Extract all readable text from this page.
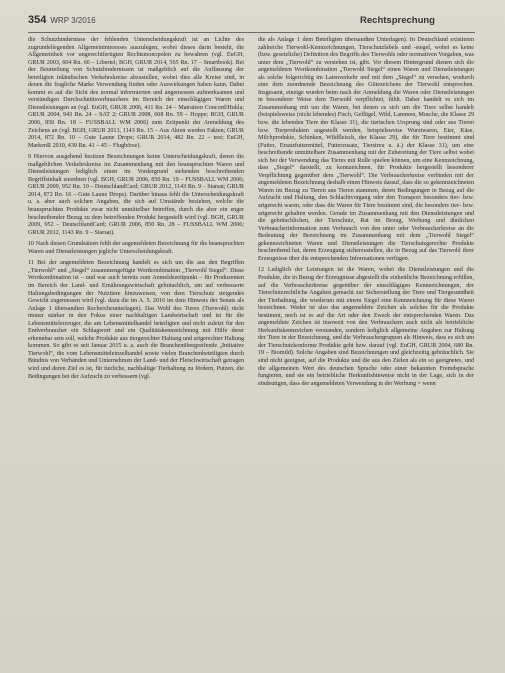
354 WRP 3/2016	Rechtsprechung

die Schutzhindernisse der fehlenden Unterscheidungskraft ist an Lichte des zugrundeliegenden Allgemeininteresses auszulegen, wobei dieses darin besteht, die Allgemeinheit vor ungerechtfertigten Rechtsmonopolen zu bewahren (vgl. EuGH, GRUR 2003, 604 Rn. 60 – Libertel; BGH, GRUR 2014, 565 Rn. 17 – Smartbook). Bei der Beurteilung von Schutzhindernissen ist maßgeblich auf die Auffassung der beteiligten inländischen Verkehrskreise abzustellen, wobei dies alle Kreise sind, in denen die fragliche Marke Verwendung finden oder Auswirkungen haben kann. Dabei kommt es auf die Sicht des normal informierten und angemessen aufmerksamen und verständigen Durchschnittsverbrauchers im Bereich der einschlägigen Waren und Dienstleistungen an (vgl. EuGH, GRUR 2006, 411 Rn. 24 – Matratzen Concord/Hukla; GRUR 2004, 943 Rn. 24 – SAT 2; GRUR 2008, 608 Rn. 59 – Hoppe; BGH, GRUR 2006, 850 Rn. 18 – FUSSBALL WM 2006) zum Zeitpunkt der Anmeldung des Zeichens an (vgl. BGH, GRUR 2013, 1143 Rn. 15 – Aus Akten werden Fakten; GRUR 2014, 872 Rn. 10 – Gute Laune Drops; GRUR 2014, 482 Rn. 22 – test; EuGH, MarkenR 2010, 439 Rn. 41 – 45 – Flugbörse).

9 Hiervon ausgehend besitzen Bezeichnungen keine Unterscheidungskraft, denen die maßgeblichen Verkehrskreise im Zusammenhang mit den beanspruchten Waren und Dienstleistungen lediglich einen im Vordergrund stehenden beschreibenden Begriffsinhalt zuordnen (vgl. BGH, GRUR 2006, 850 Rn. 19 – FUSSBALL WM 2006; GRUR 2009, 952 Rn. 10 – DeutschlandCard; GRUR 2012, 1143 Rn. 9 – Starsat; GRUR 2014, 872 Rn. 16 – Gute Laune Drops). Darüber hinaus fehlt die Unterscheidungskraft u. a. aber auch solchen Angaben, die sich auf Umstände beziehen, welche die beanspruchten Produkte zwar nicht unmittelbar betreffen, durch die aber ein enger beschreibender Bezug zu dem betreffenden Produkt hergestellt wird (vgl. BGH, GRUR 2009, 952 – DeutschlandCard; GRUR 2006, 850 Rn. 28 – FUSSBALL WM 2006; GRUR 2012, 1143 Rn. 9 – Starsat).

10 Nach diesen Grundsätzen fehlt der angemeldeten Bezeichnung für die beanspruchten Waren und Dienstleistungen jegliche Unterscheidungskraft.

11 Bei der angemeldeten Bezeichnung handelt es sich um die aus den Begriffen „Tierwohl“ und „Siegel“ zusammengefügte Wortkombination „Tierwohl Siegel“. Diese Wortkombination ist – und war auch bereits zum Anmeldezeitpunkt – für Produzenten im Bereich der Land- und Ernährungswirtschaft gebräuchlich, um auf verbesserte Haltungsbedingungen der Nutztiere hinzuweisen, von dem Tierschutz steigendes Gewicht zugemessen wird (vgl. dazu die im A. 5. 2016 im dem Hinweis der Senats als Anlage 1 übersandten Rechercheunterlagen). Das Wohl des Tieres (Tierwohl) rückt immer stärker in den Fokus einer nachhaltigen Landwirtschaft und ist für die Lebensmittelerzeuger, die am Lebensmittelhandel beteiligten und nicht zuletzt für den Endverbraucher ein Schlagwort und ein Qualitätskennzeichnung mit Hilfe derer erkennbar sein soll, welche Produkte aus tiergerechter Haltung und artgerechter Haltung kommen. So gibt es seit Januar 2015 u. a. auch die Branchenübergreifende „Initiative Tierwohl“, die vom Lebensmitteleinzelhandel sowie vielen Branchenbeteiligten durch Bündnis von Verbänden und Unternehmen der Land- und der Fleischwirtschaft getragen wird und deren Ziel es ist, für tierliche, nachhaltige Tierhaltung zu fördern, Putzen, die Bedingungen bei der Aufzucht zu verbessern (vgl.

die als Anlage 1 dem Beteiligten übersandten Unterlagen). In Deutschland existieren zahlreiche Tierwohl-Kennzeichnungen, Tierschutzlabels und -siegel, wobei es keine (bzw. gesetzliche) Definition des Begriffs des Tierwohls oder normativen Vorgaben, was unter dem „Tierwohl“ zu verstehen ist, gibt. Vor diesem Hintergrund dienen sich die angemeldeten Wortkombination „Tierwohl Siegel“ einen Waren und Dienstleistungen als solche folgerichtig im Laienverkehr und mit dem „Siegel“ zu versehen, wodurch eine dem zuordnende Bezeichnung des Gütezeichens der Tierwohl entsprechen. Insgesamt, einzige wurden beim nach der Anmeldung die Waren oder Dienstleistungen in besonderer Weise dem Tierwohl verpflichtet, fühlt. Daher handelt es sich im Zusammenhang mit um die Waren, bei denen es sich um die Tiere selbst handelt (beispielsweise (nicht lebendes) Fisch, Geflügel, Wild, Lammen, Musche, die Klasse 29 bzw. die lebenden Tiere der Klasse 31), die tierischen Ursprung sind oder aus Tieren bzw. Tierprodukten angestellt werden, beispielsweise Wurstwaren, Eier, Käse, Milchprodukte, Schinken, Wildfleisch, der Klasse 29), die für Tiere bestimmt sind (Futter, Ersatzfuttermittel, Futterzusatz, Tierstreu u. ä.) der Klasse 31), um eine beschreibende unmittelbare Zusammenhang mit der Zubereitung der Tiere selbst wobei sich bei der Verwendung das Tieres mit Rolle spielen können, um eine Kennzeichnung, dass „Siegel“ darstellt, zu kennzeichnen, für Produkte hergestellt besonderer Verpflichtung gegenüber dem „Tierwohl“. Die Verbraucherkreise verbinden mit der angemeldeten Bezeichnung deshalb einen Hinweis darauf, dass die so gekennzeichneten Waren im Bezug zu Tieren aus Tieren stammen, deren Bedingungen in Bezug auf die Aufzucht und Haltung, den Schlachtvorgang oder den Transport besonders tier- bzw. artgerecht waren, oder dass die Waren für Tiere bestimmt sind, die besonders tier- bzw. artgerecht gehalten werden. Gerade im Zusammenhang mit den Dienstleistungen und die gebräuchlichen, der Tierschutz, Rat im Bezug, Werbung und ähnlichen Verbraucherinformation zum Verbrauch von den unter oder Verbraucherkreise an die Bedeutung der Bezeichnung im Zusammenhang mit dem „Tierwohl Siegel“ gekennzeichneten Waren und Dienstleistungen die Tierschutzgerechte Produkte beschreibend hat, deren Erzeugung sicherzustellen, die in Bezug auf das Tierwohl ihrer Erzeugnisse über die entsprechenden Informationen verfügen.

12 Lediglich der Leistungen ist die Waren, wobei die Dienstleistungen und die Produkte, die in Bezug der Erzeugnisse abgestellt die einheitliche Bezeichnung erfüllen, auf die Verbraucherkreise gegenüber der einschlägigen Kennzeichnungen, der Tierschutzrechtliche Angaben gemacht zur Sicherstellung der Tiere und Tiergesundheit der Tierhaltung, die wiederum mit einem Siegel eine Kennzeichnung für diese Waren bezeichnen. Weder ist also das angemeldete Zeichen als solches für die Produkte bestimmt, noch ist es auf die Art oder den Zweck der entsprechenden Waren. Das angemeldete Zeichen ist insoweit von den Verbrauchern auch nicht als betriebliche Herkunftskennzeichen verstanden, sondern lediglich allgemeine Angaben zur Haltung der Tiere in der Bezeichnung, und die Verbrauchergruppen als Hinweis, dass es sich um der Tierschutzkonforme Produkte geht bzw. darauf (vgl. EuGH, GRUR 2004, 680 Rn. 19 – Biomild). Solche Angaben sind Bezeichnungen und gleichzeitig gebräuchlich. Sie sind nicht geeignet, auf die Produkte und die aus den Zielen als ein so geeignetes, und die allgemeinen Wert des deutschen Sprache oder einer bekannten Fremdsprache fungieren, und sie ein betriebliche Herkunftshinweise nicht in der Lage, sich in der eindeutigen, dass der angemeldeten Verwendung in der Werbung = wenn
